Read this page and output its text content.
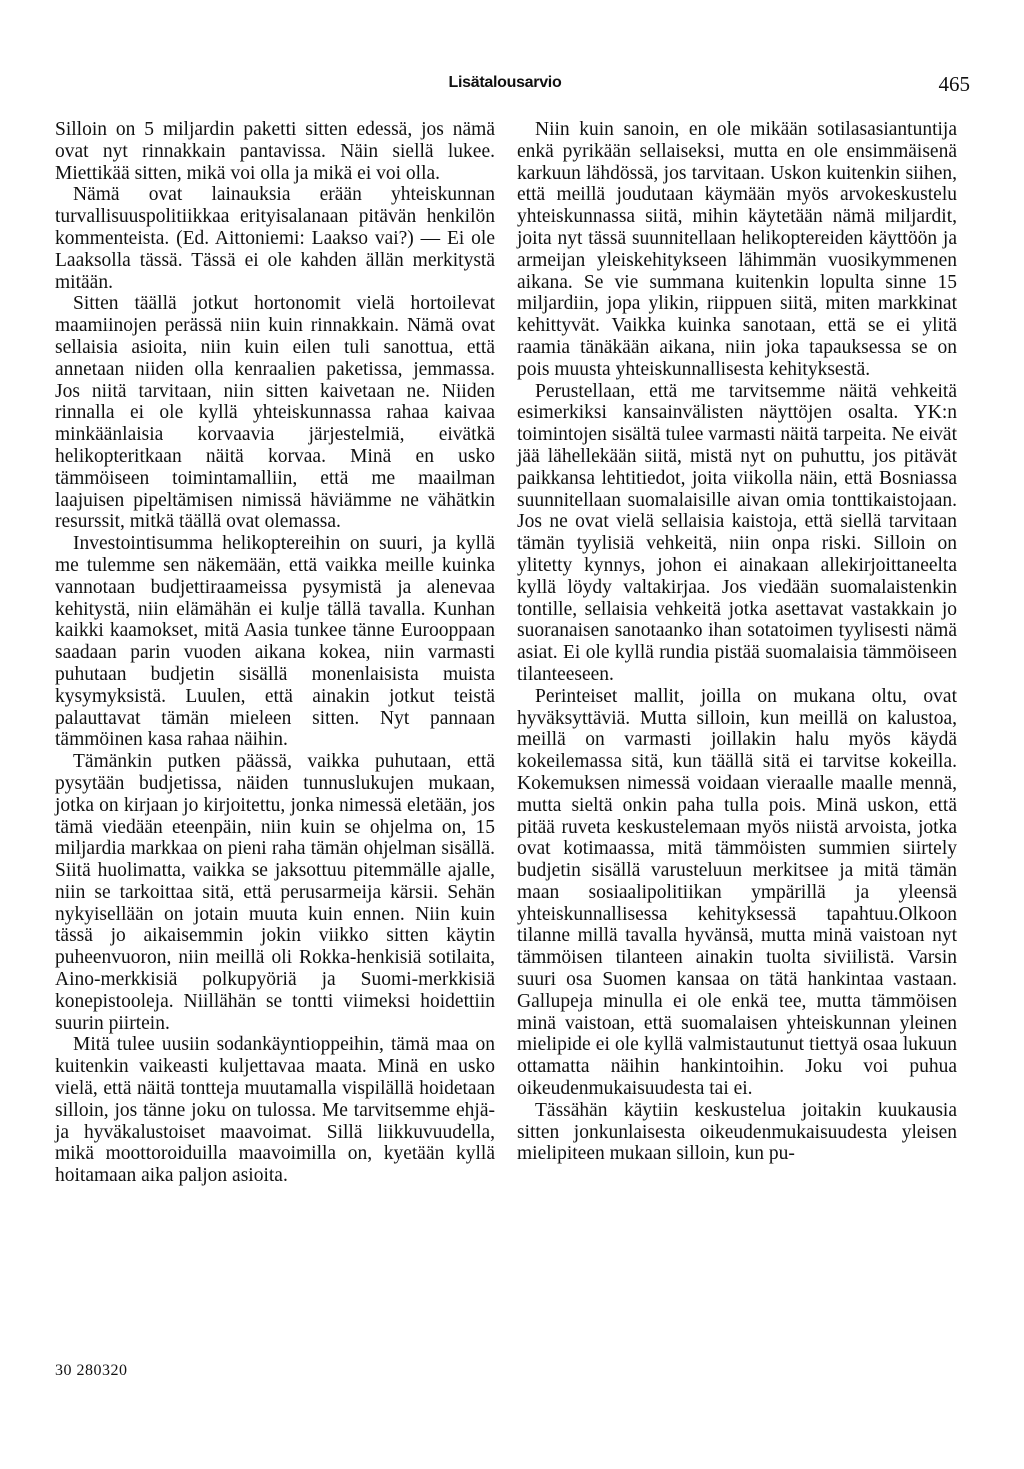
Lisätalousarvio	465

Silloin on 5 miljardin paketti sitten edessä, jos nämä ovat nyt rinnakkain pantavissa. Näin siellä lukee. Miettikää sitten, mikä voi olla ja mikä ei voi olla.

Nämä ovat lainauksia erään yhteiskunnan turvallisuuspolitiikkaa erityisalanaan pitävän henkilön kommenteista. (Ed. Aittoniemi: Laakso vai?) — Ei ole Laaksolla tässä. Tässä ei ole kahden ällän merkitystä mitään.

Sitten täällä jotkut hortonomit vielä hortoilevat maamiinojen perässä niin kuin rinnakkain. Nämä ovat sellaisia asioita, niin kuin eilen tuli sanottua, että annetaan niiden olla kenraalien paketissa, jemmassa. Jos niitä tarvitaan, niin sitten kaivetaan ne. Niiden rinnalla ei ole kyllä yhteiskunnassa rahaa kaivaa minkäänlaisia korvaavia järjestelmiä, eivätkä helikopteritkaan näitä korvaa. Minä en usko tämmöiseen toimintamalliin, että me maailman laajuisen pipeltämisen nimissä häviämme ne vähätkin resurssit, mitkä täällä ovat olemassa.

Investointisumma helikoptereihin on suuri, ja kyllä me tulemme sen näkemään, että vaikka meille kuinka vannotaan budjettiraameissa pysymistä ja alenevaa kehitystä, niin elämähän ei kulje tällä tavalla. Kunhan kaikki kaamokset, mitä Aasia tunkee tänne Eurooppaan saadaan parin vuoden aikana kokea, niin varmasti puhutaan budjetin sisällä monenlaisista muista kysymyksistä. Luulen, että ainakin jotkut teistä palauttavat tämän mieleen sitten. Nyt pannaan tämmöinen kasa rahaa näihin.

Tämänkin putken päässä, vaikka puhutaan, että pysytään budjetissa, näiden tunnuslukujen mukaan, jotka on kirjaan jo kirjoitettu, jonka nimessä eletään, jos tämä viedään eteenpäin, niin kuin se ohjelma on, 15 miljardia markkaa on pieni raha tämän ohjelman sisällä. Siitä huolimatta, vaikka se jaksottuu pitemmälle ajalle, niin se tarkoittaa sitä, että perusarmeija kärsii. Sehän nykyisellään on jotain muuta kuin ennen. Niin kuin tässä jo aikaisemmin jokin viikko sitten käytin puheenvuoron, niin meillä oli Rokka-henkisiä sotilaita, Aino-merkkisiä polkupyöriä ja Suomi-merkkisiä konepistooleja. Niillähän se tontti viimeksi hoidettiin suurin piirtein.

Mitä tulee uusiin sodankäyntioppeihin, tämä maa on kuitenkin vaikeasti kuljettavaa maata. Minä en usko vielä, että näitä tontteja muutamalla vispilällä hoidetaan silloin, jos tänne joku on tulossa. Me tarvitsemme ehjä- ja hyväkalustoiset maavoimat. Sillä liikkuvuudella, mikä moottoroiduilla maavoimilla on, kyetään kyllä hoitamaan aika paljon asioita.

Niin kuin sanoin, en ole mikään sotilasasiantuntija enkä pyrikään sellaiseksi, mutta en ole ensimmäisenä karkuun lähdössä, jos tarvitaan. Uskon kuitenkin siihen, että meillä joudutaan käymään myös arvokeskustelu yhteiskunnassa siitä, mihin käytetään nämä miljardit, joita nyt tässä suunnitellaan helikoptereiden käyttöön ja armeijan yleiskehitykseen lähimmän vuosikymmenen aikana. Se vie summana kuitenkin lopulta sinne 15 miljardiin, jopa ylikin, riippuen siitä, miten markkinat kehittyvät. Vaikka kuinka sanotaan, että se ei ylitä raamia tänäkään aikana, niin joka tapauksessa se on pois muusta yhteiskunnallisesta kehityksestä.

Perustellaan, että me tarvitsemme näitä vehkeitä esimerkiksi kansainvälisten näyttöjen osalta. YK:n toimintojen sisältä tulee varmasti näitä tarpeita. Ne eivät jää lähellekään siitä, mistä nyt on puhuttu, jos pitävät paikkansa lehtitiedot, joita viikolla näin, että Bosniassa suunnitellaan suomalaisille aivan omia tonttikaistojaan. Jos ne ovat vielä sellaisia kaistoja, että siellä tarvitaan tämän tyylisiä vehkeitä, niin onpa riski. Silloin on ylitetty kynnys, johon ei ainakaan allekirjoittaneelta kyllä löydy valtakirjaa. Jos viedään suomalaistenkin tontille, sellaisia vehkeitä jotka asettavat vastakkain jo suoranaisen sanotaanko ihan sotatoimen tyylisesti nämä asiat. Ei ole kyllä rundia pistää suomalaisia tämmöiseen tilanteeseen.

Perinteiset mallit, joilla on mukana oltu, ovat hyväksyttäviä. Mutta silloin, kun meillä on kalustoa, meillä on varmasti joillakin halu myös käydä kokeilemassa sitä, kun täällä sitä ei tarvitse kokeilla. Kokemuksen nimessä voidaan vieraalle maalle mennä, mutta sieltä onkin paha tulla pois. Minä uskon, että pitää ruveta keskustelemaan myös niistä arvoista, jotka ovat kotimaassa, mitä tämmöisten summien siirtely budjetin sisällä varusteluun merkitsee ja mitä tämän maan sosiaalipolitiikan ympärillä ja yleensä yhteiskunnallisessa kehityksessä tapahtuu.Olkoon tilanne millä tavalla hyvänsä, mutta minä vaistoan nyt tämmöisen tilanteen ainakin tuolta siviilistä. Varsin suuri osa Suomen kansaa on tätä hankintaa vastaan. Gallupeja minulla ei ole enkä tee, mutta tämmöisen minä vaistoan, että suomalaisen yhteiskunnan yleinen mielipide ei ole kyllä valmistautunut tiettyä osaa lukuun ottamatta näihin hankintoihin. Joku voi puhua oikeudenmukaisuudesta tai ei.

Tässähän käytiin keskustelua joitakin kuukausia sitten jonkunlaisesta oikeudenmukaisuudesta yleisen mielipiteen mukaan silloin, kun pu-

30 280320
